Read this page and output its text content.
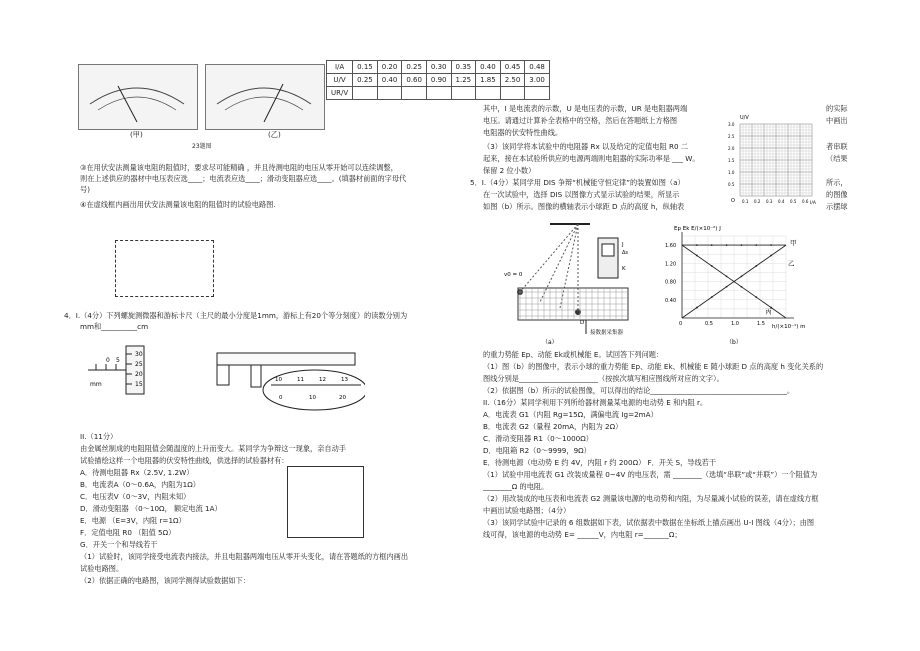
(甲)	(乙)
23题图
③在用伏安法测量该电阻的阻值时，要求尽可能精确 ，并且待测电阻的电压从零开始可以连续调整，
则在上述供应的器材中电压表应选____；电流表应选____；滑动变阻器应选____。(填器材前面的字母代
号)
④在虚线框内画出用伏安法测量该电阻的阻值时的试验电路图.
4．I.（4分）下列螺旋测微器和游标卡尺（主尺的最小分度是1mm，游标上有20个等分刻度）的读数分别为
mm和__________cm
30
25
20
15
0 5
mm
10	11	12	13
0	10	20
II.（11分）
由金属丝制成的电阻阻值会随温度的上升而变大。某同学为争辩这一现象，亲自动手
试验描绘这样一个电阻器的伏安特性曲线，供选择的试验器材有：
A．待测电阻器 Rx（2.5V, 1.2W）
B．电流表A（0～0.6A，内阻为1Ω）
C．电压表V（0～3V，内阻未知）
D．滑动变阻器 （0～10Ω， 额定电流 1A）
E．电源 （E=3V，内阻 r=1Ω）
F．定值电阻 R0 （阻值 5Ω）
G．开关一个和导线若干
（1）试验时，该同学接受电流表内接法，并且电阻器两端电压从零开头变化，请在答题纸的方框内画出
试验电路图。
（2）依据正确的电路图，该同学测得试验数据如下：
I/A	0.15	0.20	0.25	0.30	0.35	0.40	0.45	0.48
U/V	0.25	0.40	0.60	0.90	1.25	1.85	2.50	3.00
UR/V								
其中，I 是电流表的示数，U 是电压表的示数，UR 是电阻器两端
电压。请通过计算补全表格中的空格，然后在答题纸上方格图
电阻器的伏安特性曲线。
（3）该同学将本试验中的电阻器 Rx 以及给定的定值电阻 R0 二
起来，接在本试验所供应的电源两端则电阻器的实际功率是 ___ W。
保留 2 位小数）
的实际
中画出
者串联
（结果
U/V
O	I/A
3.0
2.5
2.0
1.5
1.0
0.5
0.1 0.2 0.3 0.4 0.5 0.6
5．I.（4分）某同学用 DIS 争辩“机械能守恒定律”的装置如图（a）
在一次试验中，选择 DIS 以图像方式显示试验的结果，所显示
如图（b）所示。图像的横轴表示小球距 D 点的高度 h，纵轴表
所示，
的图像
示摆球
v0 = 0
D
J
Δs
K
接数据采集器
（a）
Ep Ek E/(×10⁻²) J
h/(×10⁻¹) m
（b）
0	0.5	1.0	1.5
0.40
0.80
1.20
1.60	甲
乙
丙
的重力势能 Ep、动能 Ek或机械能 E。试回答下列问题：
（1）图（b）的图像中，表示小球的重力势能 Ep、动能 Ek、机械能 E 随小球距 D 点的高度 h 变化关系的
图线分别是______________________（按挨次填写相应图线所对应的文字）。
（2）依据图（b）所示的试验图像，可以得出的结论______________________________________。
II.（16分）某同学利用下列所给器材测量某电源的电动势 E 和内阻 r。
A．电流表 G1（内阻 Rg=15Ω，满偏电流 Ig=2mA）
B．电流表 G2（量程 20mA，内阻为 2Ω）
C．滑动变阻器 R1（0～1000Ω）
D．电阻箱 R2（0～9999，9Ω）
E．待测电源（电动势 E 约 4V，内阻 r 约 200Ω） F．开关 S，导线若干
（1）试验中用电流表 G1 改装成量程 0~4V 的电压表，需 ________（选填“串联”或“并联”）一个阻值为
________Ω 的电阻。
（2）用改装成的电压表和电流表 G2 测量该电源的电动势和内阻，为尽量减小试验的误差，请在虚线方框
中画出试验电路图；（4分）
（3）该同学试验中记录的 6 组数据如下表，试依据表中数据在坐标纸上描点画出 U-I 图线（4分）；由图
线可得，该电源的电动势 E= ______V，内电阻 r=_______Ω；
